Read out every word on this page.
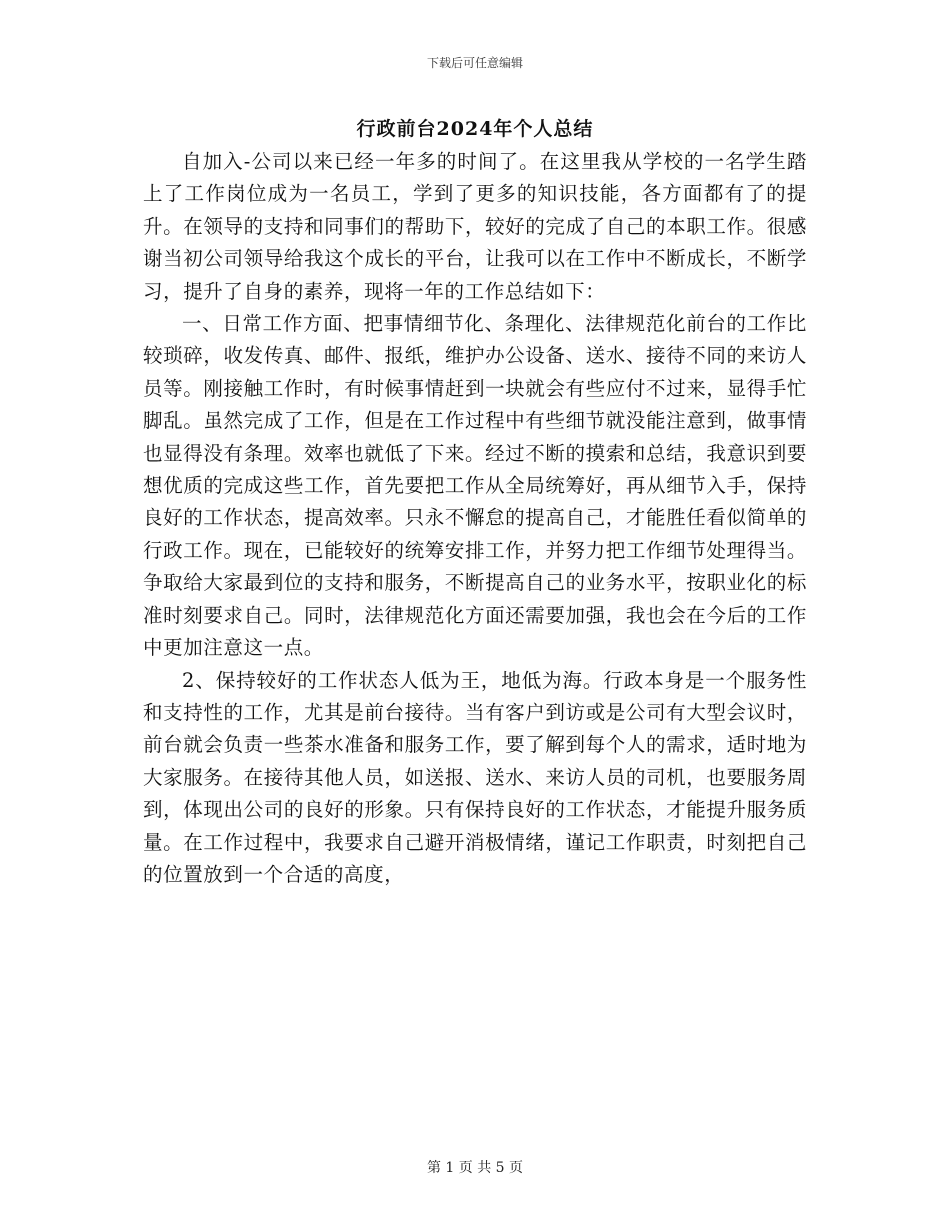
下载后可任意编辑
行政前台2024年个人总结

自加入-公司以来已经一年多的时间了。在这里我从学校的一名学生踏上了工作岗位成为一名员工，学到了更多的知识技能，各方面都有了的提升。在领导的支持和同事们的帮助下，较好的完成了自己的本职工作。很感谢当初公司领导给我这个成长的平台，让我可以在工作中不断成长，不断学习，提升了自身的素养，现将一年的工作总结如下：

一、日常工作方面、把事情细节化、条理化、法律规范化前台的工作比较琐碎，收发传真、邮件、报纸，维护办公设备、送水、接待不同的来访人员等。刚接触工作时，有时候事情赶到一块就会有些应付不过来，显得手忙脚乱。虽然完成了工作，但是在工作过程中有些细节就没能注意到，做事情也显得没有条理。效率也就低了下来。经过不断的摸索和总结，我意识到要想优质的完成这些工作，首先要把工作从全局统筹好，再从细节入手，保持良好的工作状态，提高效率。只永不懈怠的提高自己，才能胜任看似简单的行政工作。现在，已能较好的统筹安排工作，并努力把工作细节处理得当。争取给大家最到位的支持和服务，不断提高自己的业务水平，按职业化的标准时刻要求自己。同时，法律规范化方面还需要加强，我也会在今后的工作中更加注意这一点。

2、保持较好的工作状态人低为王，地低为海。行政本身是一个服务性和支持性的工作，尤其是前台接待。当有客户到访或是公司有大型会议时，前台就会负责一些茶水准备和服务工作，要了解到每个人的需求，适时地为大家服务。在接待其他人员，如送报、送水、来访人员的司机，也要服务周到，体现出公司的良好的形象。只有保持良好的工作状态，才能提升服务质量。在工作过程中，我要求自己避开消极情绪，谨记工作职责，时刻把自己的位置放到一个合适的高度，

第 1 页 共 5 页
